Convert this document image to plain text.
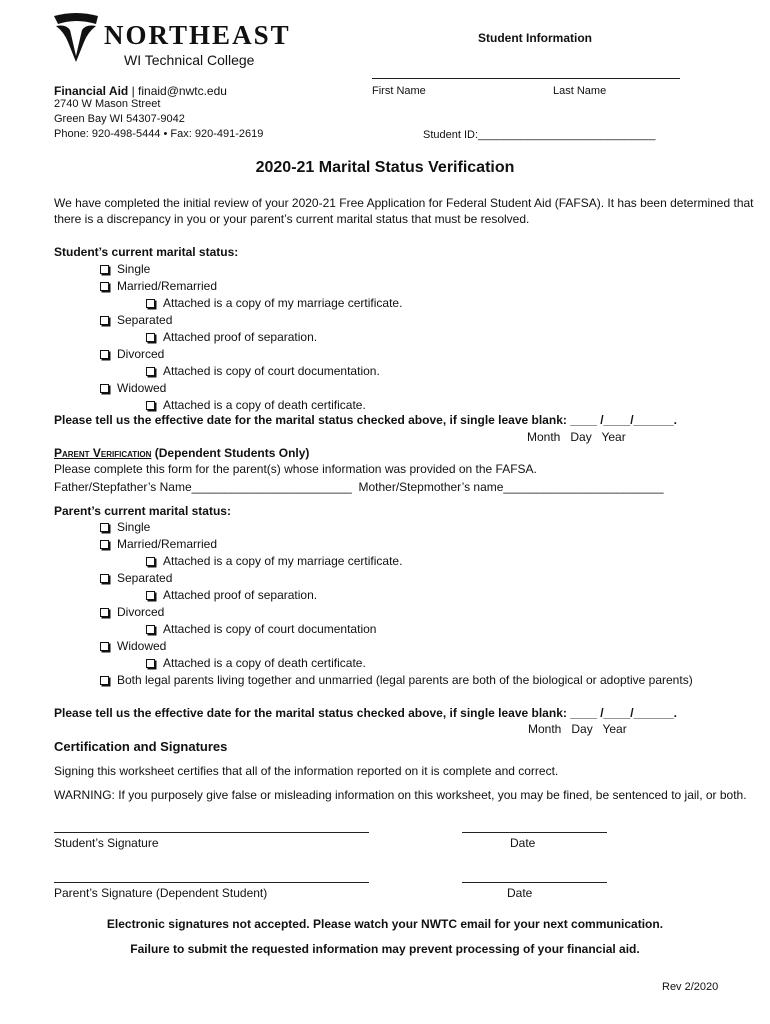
NORTHEAST
WI Technical College
Financial Aid | finaid@nwtc.edu
2740 W Mason Street
Green Bay WI 54307-9042
Phone: 920-498-5444 • Fax: 920-491-2619
Student Information
First Name	Last Name
Student ID:_____________________________
2020-21 Marital Status Verification
We have completed the initial review of your 2020-21 Free Application for Federal Student Aid (FAFSA). It has been determined that
there is a discrepancy in you or your parent’s current marital status that must be resolved.
Student’s current marital status:
Single
Married/Remarried
Attached is a copy of my marriage certificate.
Separated
Attached proof of separation.
Divorced
Attached is copy of court documentation.
Widowed
Attached is a copy of death certificate.
Please tell us the effective date for the marital status checked above, if single leave blank: ____ /____/______.
Month   Day   Year
Parent Verification (Dependent Students Only)
Please complete this form for the parent(s) whose information was provided on the FAFSA.
Father/Stepfather’s Name________________________  Mother/Stepmother’s name________________________
Parent’s current marital status:
Single
Married/Remarried
Attached is a copy of my marriage certificate.
Separated
Attached proof of separation.
Divorced
Attached is copy of court documentation
Widowed
Attached is a copy of death certificate.
Both legal parents living together and unmarried (legal parents are both of the biological or adoptive parents)
Please tell us the effective date for the marital status checked above, if single leave blank: ____ /____/______.
Month   Day   Year
Certification and Signatures
Signing this worksheet certifies that all of the information reported on it is complete and correct.
WARNING: If you purposely give false or misleading information on this worksheet, you may be fined, be sentenced to jail, or both.
Student’s Signature	Date
Parent’s Signature (Dependent Student)	Date
Electronic signatures not accepted. Please watch your NWTC email for your next communication.
Failure to submit the requested information may prevent processing of your financial aid.
Rev 2/2020
